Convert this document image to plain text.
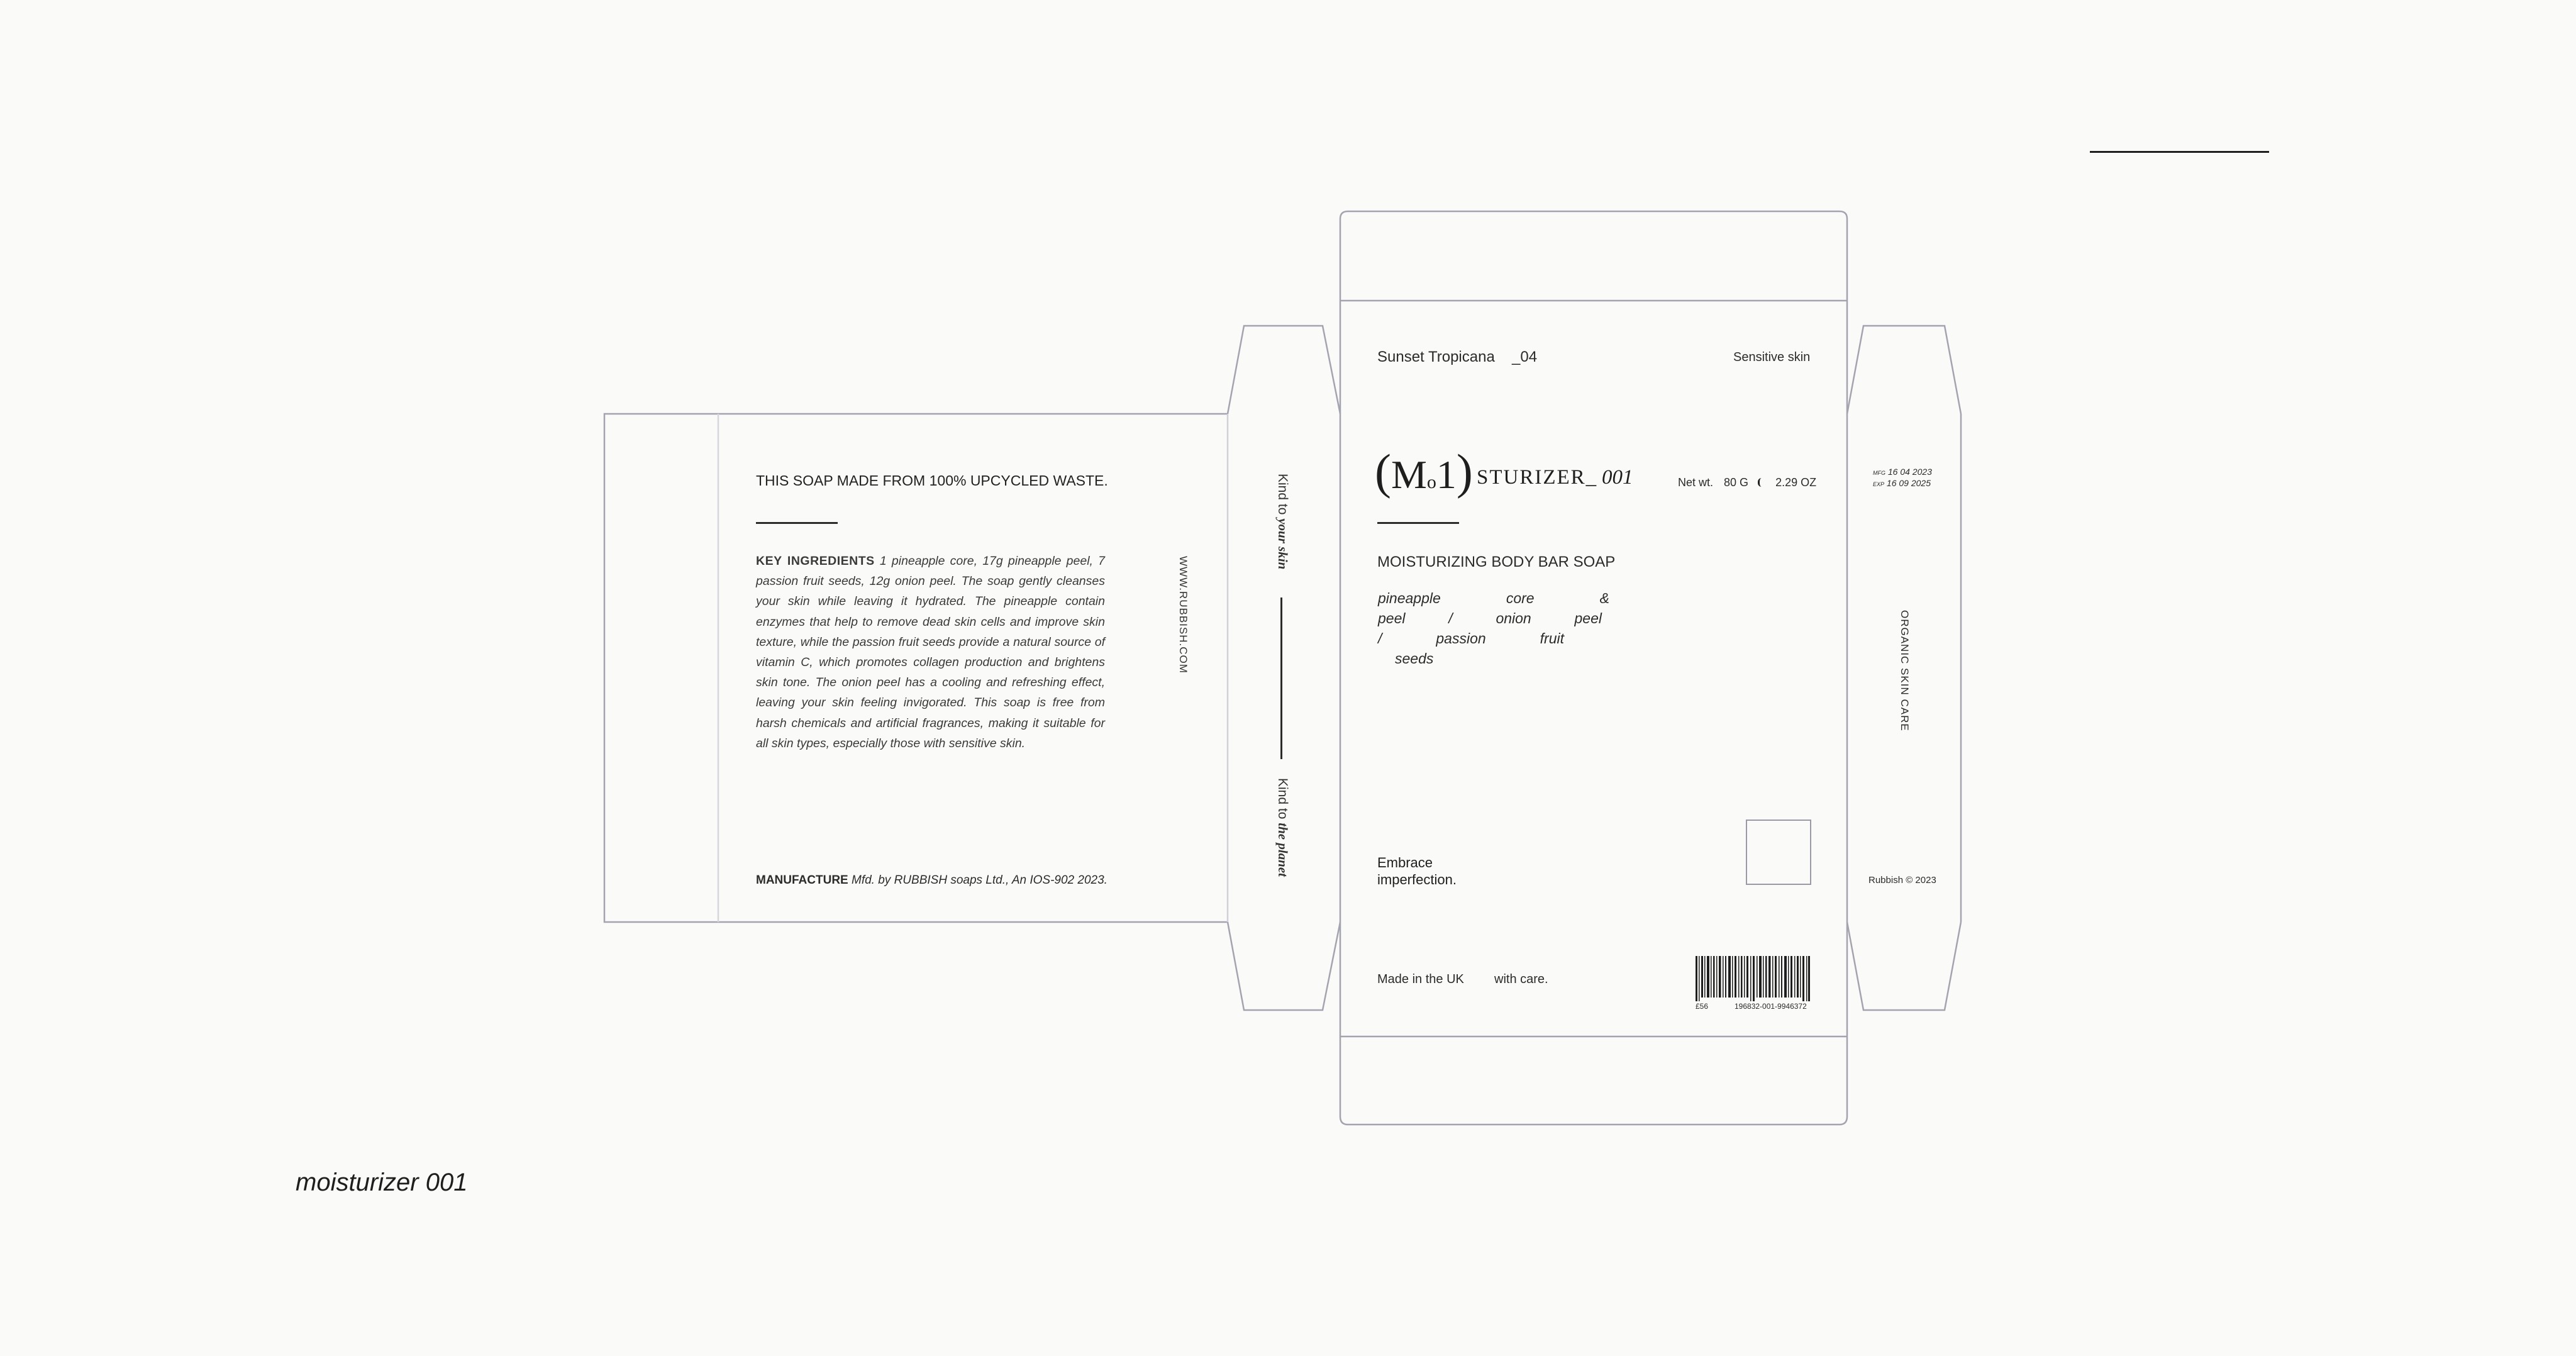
moisturizer 001
THIS SOAP MADE FROM 100% UPCYCLED WASTE.
KEY INGREDIENTS 1 pineapple core, 17g pineapple peel, 7 passion fruit seeds, 12g onion peel. The soap gently cleanses your skin while leaving it hydrated. The pineapple contain enzymes that help to remove dead skin cells and improve skin texture, while the passion fruit seeds provide a natural source of vitamin C, which promotes collagen production and brightens skin tone. The onion peel has a cooling and refreshing effect, leaving your skin feeling invigorated. This soap is free from harsh chemicals and artificial fragrances, making it suitable for all skin types, especially those with sensitive skin.
MANUFACTURE Mfd. by RUBBISH soaps Ltd., An IOS-902 2023.
WWW.RUBBISH.COM
Kind to your skin
Kind to the planet
Sunset Tropicana _04	Sensitive skin
(Mo1) STURIZER_ 001	Net wt. 80 G 2.29 OZ
MOISTURIZING BODY BAR SOAP
pineapple	core	&
peel	/	onion	peel
/	passion	fruit
seeds
Embrace
imperfection.
Made in the UK with care.
£56	196832-001-9946372
MFG 16 04 2023
EXP 16 09 2025
ORGANIC SKIN CARE
Rubbish © 2023
